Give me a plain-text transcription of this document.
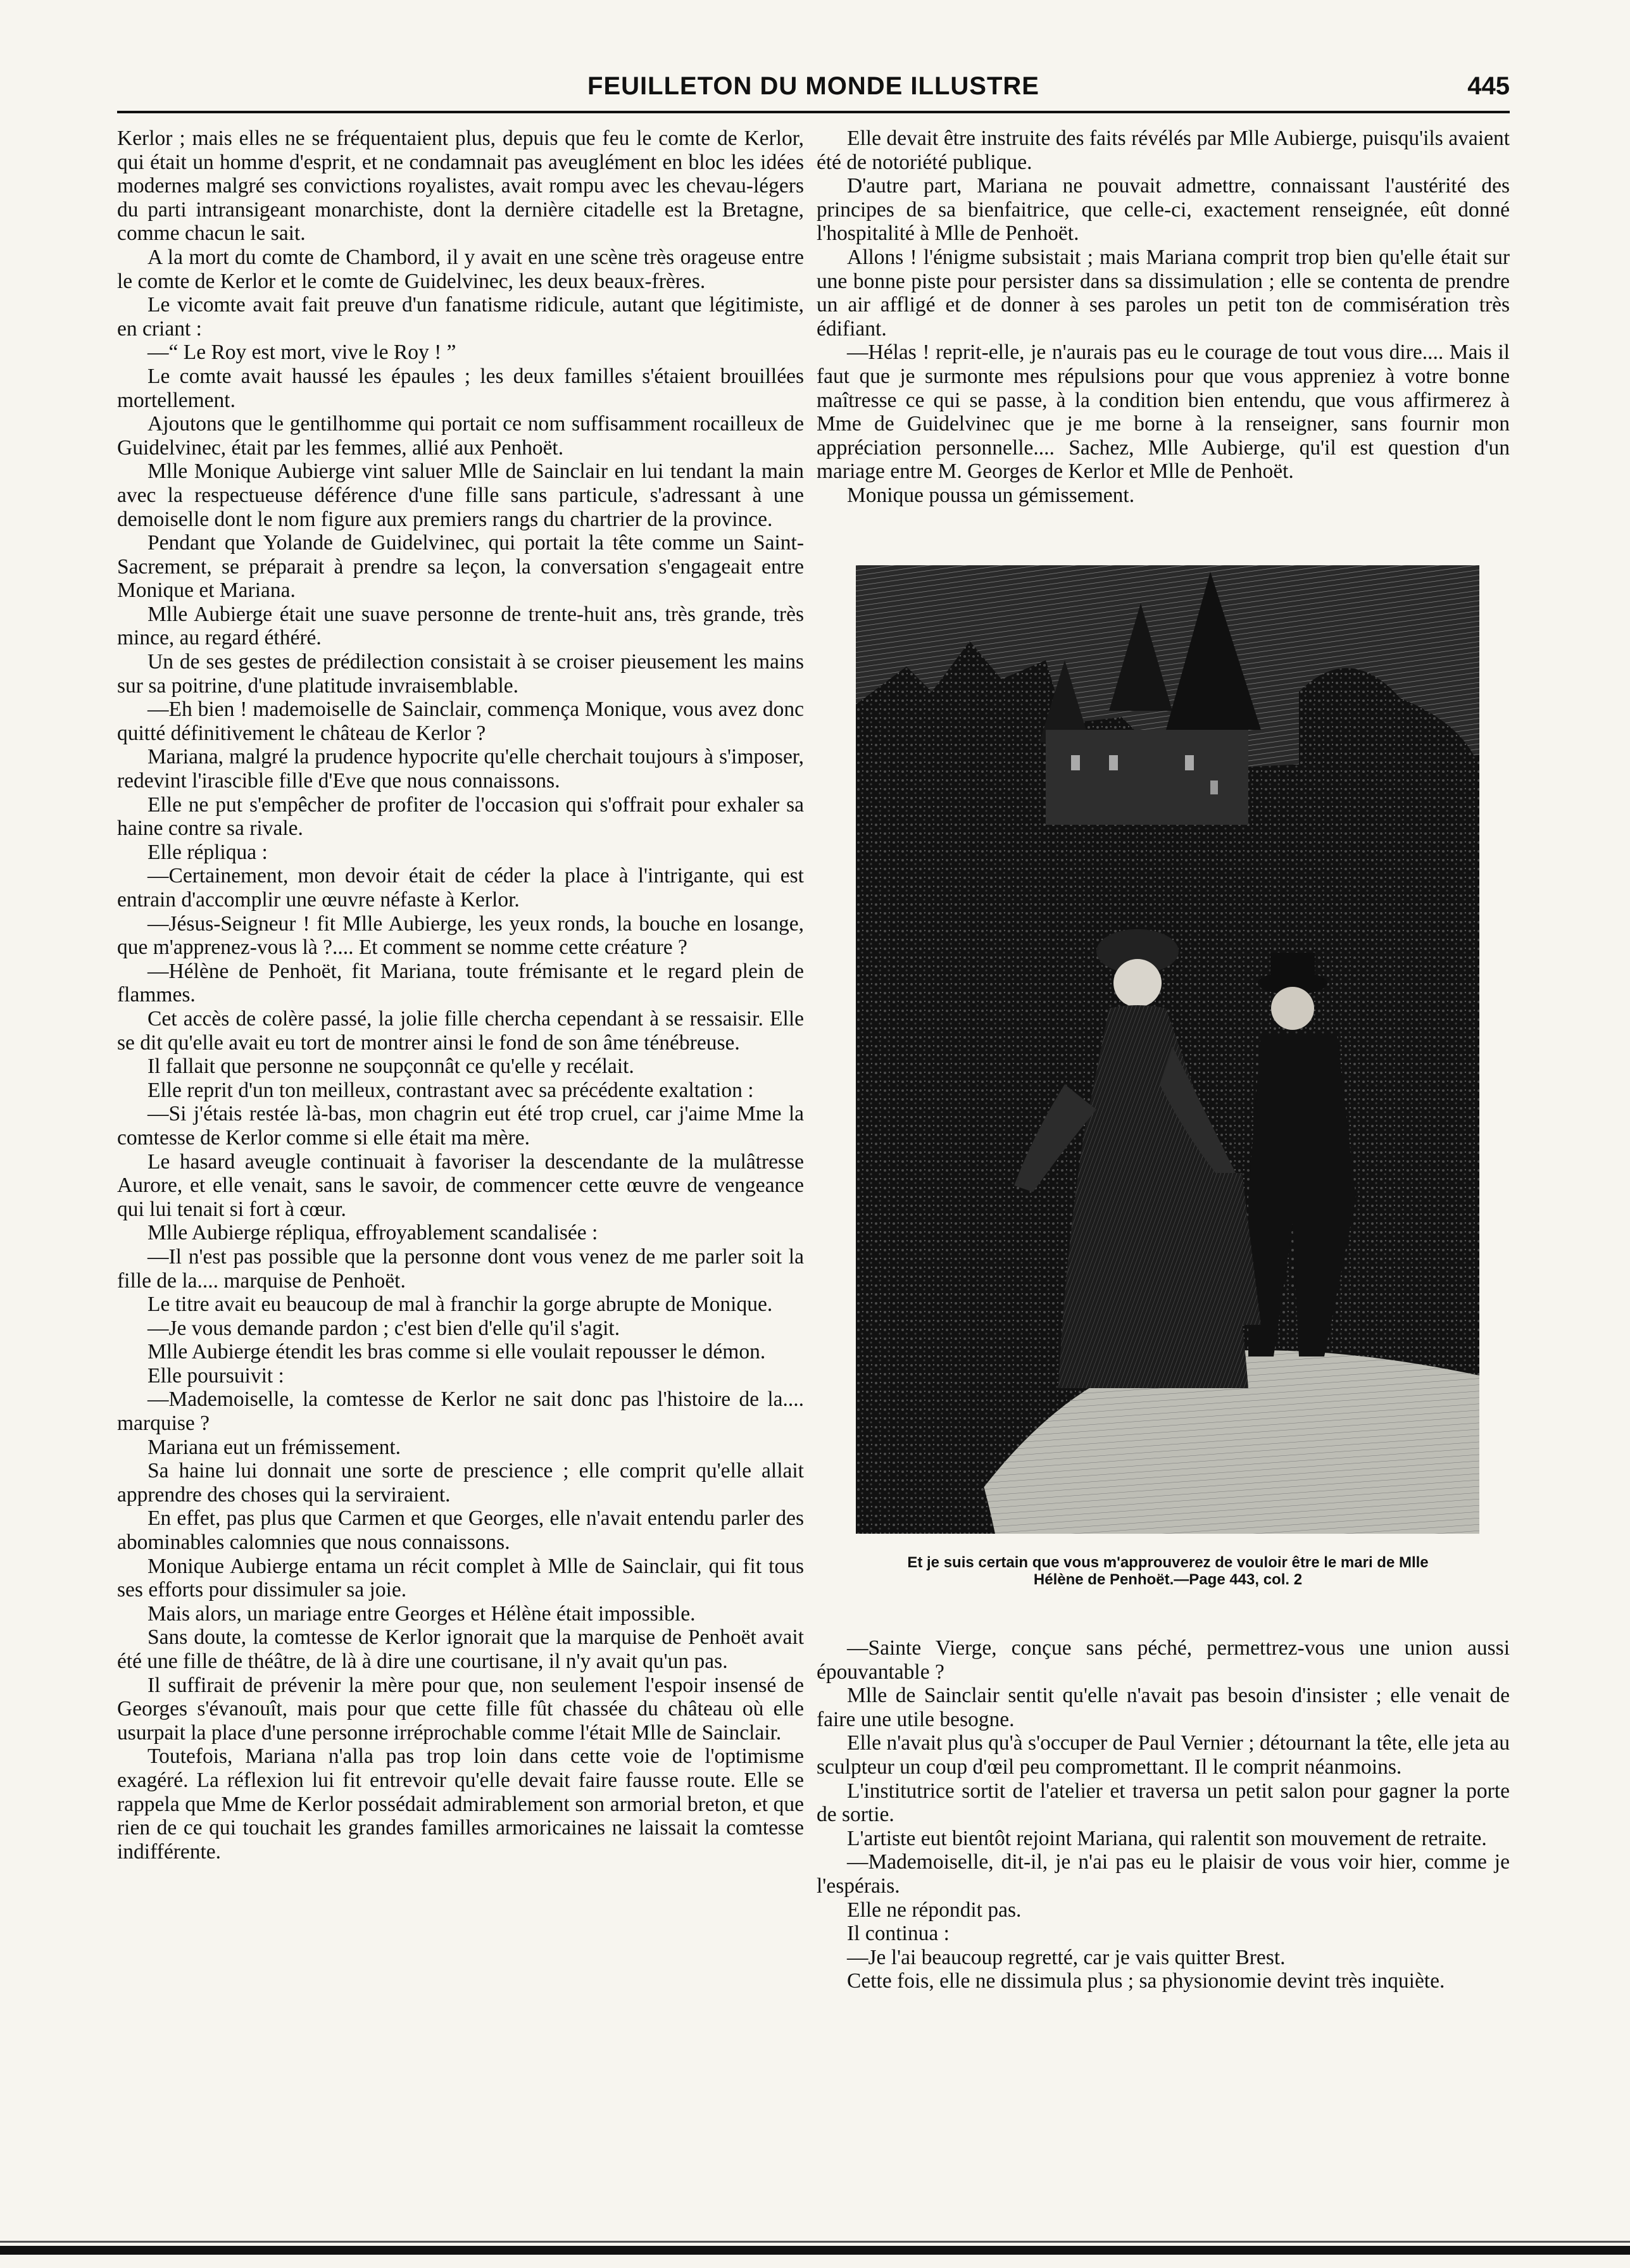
FEUILLETON DU MONDE ILLUSTRE	445

Kerlor ; mais elles ne se fréquentaient plus, depuis que feu le comte de Kerlor, qui était un homme d'esprit, et ne condamnait pas aveuglément en bloc les idées modernes malgré ses convictions royalistes, avait rompu avec les chevau-légers du parti intransigeant monarchiste, dont la dernière citadelle est la Bretagne, comme chacun le sait.

A la mort du comte de Chambord, il y avait en une scène très orageuse entre le comte de Kerlor et le comte de Guidelvinec, les deux beaux-frères.

Le vicomte avait fait preuve d'un fanatisme ridicule, autant que légitimiste, en criant :

—“ Le Roy est mort, vive le Roy ! ”

Le comte avait haussé les épaules ; les deux familles s'étaient brouillées mortellement.

Ajoutons que le gentilhomme qui portait ce nom suffisamment rocailleux de Guidelvinec, était par les femmes, allié aux Penhoët.

Mlle Monique Aubierge vint saluer Mlle de Sainclair en lui tendant la main avec la respectueuse déférence d'une fille sans particule, s'adressant à une demoiselle dont le nom figure aux premiers rangs du chartrier de la province.

Pendant que Yolande de Guidelvinec, qui portait la tête comme un Saint-Sacrement, se préparait à prendre sa leçon, la conversation s'engageait entre Monique et Mariana.

Mlle Aubierge était une suave personne de trente-huit ans, très grande, très mince, au regard éthéré.

Un de ses gestes de prédilection consistait à se croiser pieusement les mains sur sa poitrine, d'une platitude invraisemblable.

—Eh bien ! mademoiselle de Sainclair, commença Monique, vous avez donc quitté définitivement le château de Kerlor ?

Mariana, malgré la prudence hypocrite qu'elle cherchait toujours à s'imposer, redevint l'irascible fille d'Eve que nous connaissons.

Elle ne put s'empêcher de profiter de l'occasion qui s'offrait pour exhaler sa haine contre sa rivale.

Elle répliqua :

—Certainement, mon devoir était de céder la place à l'intrigante, qui est entrain d'accomplir une œuvre néfaste à Kerlor.

—Jésus-Seigneur ! fit Mlle Aubierge, les yeux ronds, la bouche en losange, que m'apprenez-vous là ?.... Et comment se nomme cette créature ?

—Hélène de Penhoët, fit Mariana, toute frémisante et le regard plein de flammes.

Cet accès de colère passé, la jolie fille chercha cependant à se ressaisir. Elle se dit qu'elle avait eu tort de montrer ainsi le fond de son âme ténébreuse.

Il fallait que personne ne soupçonnât ce qu'elle y recélait.

Elle reprit d'un ton meilleux, contrastant avec sa précédente exaltation :

—Si j'étais restée là-bas, mon chagrin eut été trop cruel, car j'aime Mme la comtesse de Kerlor comme si elle était ma mère.

Le hasard aveugle continuait à favoriser la descendante de la mulâtresse Aurore, et elle venait, sans le savoir, de commencer cette œuvre de vengeance qui lui tenait si fort à cœur.

Mlle Aubierge répliqua, effroyablement scandalisée :

—Il n'est pas possible que la personne dont vous venez de me parler soit la fille de la.... marquise de Penhoët.

Le titre avait eu beaucoup de mal à franchir la gorge abrupte de Monique.

—Je vous demande pardon ; c'est bien d'elle qu'il s'agit.

Mlle Aubierge étendit les bras comme si elle voulait repousser le démon.

Elle poursuivit :

—Mademoiselle, la comtesse de Kerlor ne sait donc pas l'histoire de la.... marquise ?

Mariana eut un frémissement.

Sa haine lui donnait une sorte de prescience ; elle comprit qu'elle allait apprendre des choses qui la serviraient.

En effet, pas plus que Carmen et que Georges, elle n'avait entendu parler des abominables calomnies que nous connaissons.

Monique Aubierge entama un récit complet à Mlle de Sainclair, qui fit tous ses efforts pour dissimuler sa joie.

Mais alors, un mariage entre Georges et Hélène était impossible.

Sans doute, la comtesse de Kerlor ignorait que la marquise de Penhoët avait été une fille de théâtre, de là à dire une courtisane, il n'y avait qu'un pas.

Il suffirait de prévenir la mère pour que, non seulement l'espoir insensé de Georges s'évanouît, mais pour que cette fille fût chassée du château où elle usurpait la place d'une personne irréprochable comme l'était Mlle de Sainclair.

Toutefois, Mariana n'alla pas trop loin dans cette voie de l'optimisme exagéré. La réflexion lui fit entrevoir qu'elle devait faire fausse route. Elle se rappela que Mme de Kerlor possédait admirablement son armorial breton, et que rien de ce qui touchait les grandes familles armoricaines ne laissait la comtesse indifférente.

Elle devait être instruite des faits révélés par Mlle Aubierge, puisqu'ils avaient été de notoriété publique.

D'autre part, Mariana ne pouvait admettre, connaissant l'austérité des principes de sa bienfaitrice, que celle-ci, exactement renseignée, eût donné l'hospitalité à Mlle de Penhoët.

Allons ! l'énigme subsistait ; mais Mariana comprit trop bien qu'elle était sur une bonne piste pour persister dans sa dissimulation ; elle se contenta de prendre un air affligé et de donner à ses paroles un petit ton de commisération très édifiant.

—Hélas ! reprit-elle, je n'aurais pas eu le courage de tout vous dire.... Mais il faut que je surmonte mes répulsions pour que vous appreniez à votre bonne maîtresse ce qui se passe, à la condition bien entendu, que vous affirmerez à Mme de Guidelvinec que je me borne à la renseigner, sans fournir mon appréciation personnelle.... Sachez, Mlle Aubierge, qu'il est question d'un mariage entre M. Georges de Kerlor et Mlle de Penhoët.

Monique poussa un gémissement.

Et je suis certain que vous m'approuverez de vouloir être le mari de Mlle
Hélène de Penhoët.—Page 443, col. 2

—Sainte Vierge, conçue sans péché, permettrez-vous une union aussi épouvantable ?

Mlle de Sainclair sentit qu'elle n'avait pas besoin d'insister ; elle venait de faire une utile besogne.

Elle n'avait plus qu'à s'occuper de Paul Vernier ; détournant la tête, elle jeta au sculpteur un coup d'œil peu compromettant. Il le comprit néanmoins.

L'institutrice sortit de l'atelier et traversa un petit salon pour gagner la porte de sortie.

L'artiste eut bientôt rejoint Mariana, qui ralentit son mouvement de retraite.

—Mademoiselle, dit-il, je n'ai pas eu le plaisir de vous voir hier, comme je l'espérais.

Elle ne répondit pas.

Il continua :

—Je l'ai beaucoup regretté, car je vais quitter Brest.

Cette fois, elle ne dissimula plus ; sa physionomie devint très inquiète.
